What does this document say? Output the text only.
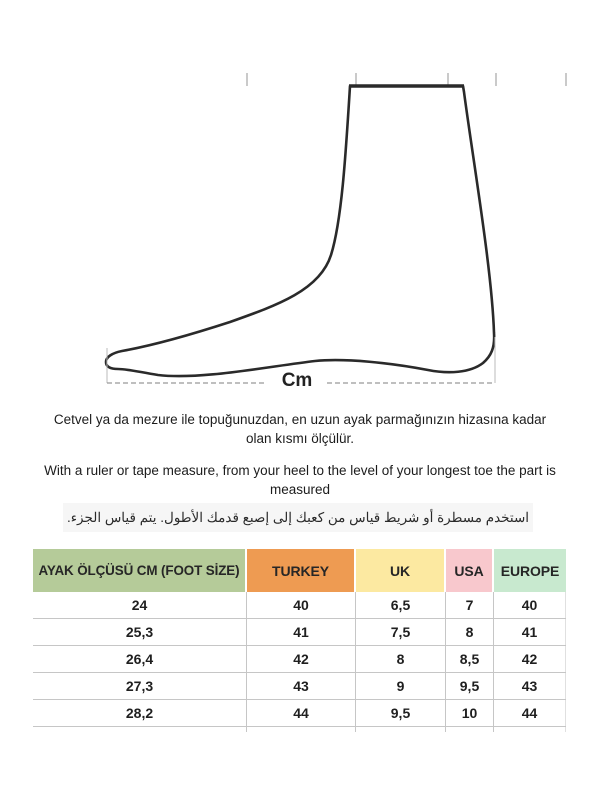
Cm

Cetvel ya da mezure ile topuğunuzdan, en uzun ayak parmağınızın hizasına kadar olan kısmı ölçülür.

With a ruler or tape measure, from your heel to the level of your longest toe the part is measured

استخدم مسطرة أو شريط قياس من كعبك إلى إصبع قدمك الأطول. يتم قياس الجزء.
AYAK ÖLÇÜSÜ CM (FOOT SİZE)	TURKEY	UK	USA	EUROPE
24	40	6,5	7	40
25,3	41	7,5	8	41
26,4	42	8	8,5	42
27,3	43	9	9,5	43
28,2	44	9,5	10	44
